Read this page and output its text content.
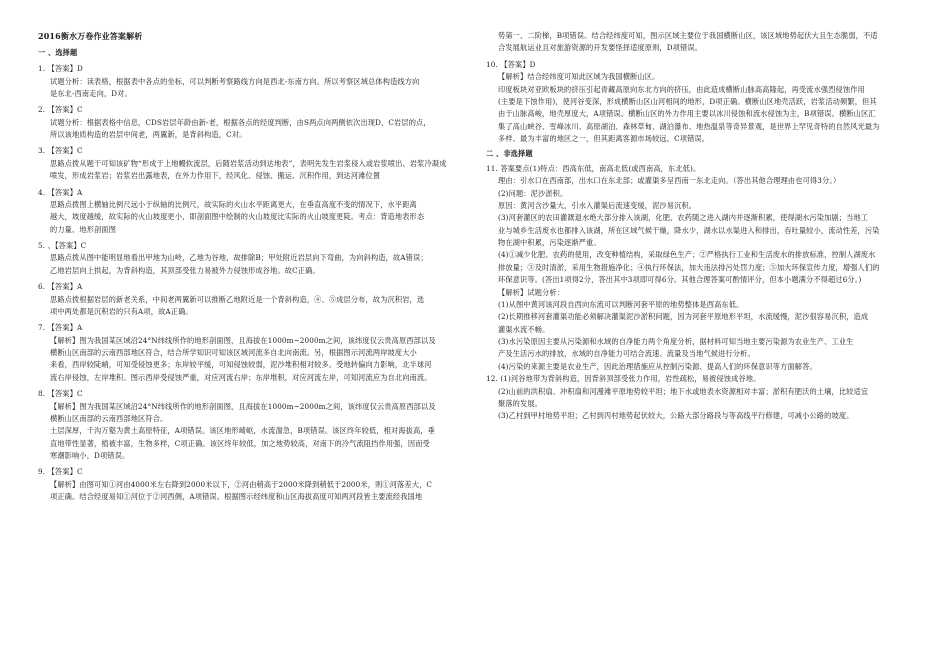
2016衡水万卷作业答案解析
一 、选择题
1. 【答案】D
试题分析：读表格，根据表中各点的坐标，可以判断考察路线方向是西北-东南方向。所以考察区域总体构造线方向
是东北-西南走向，D对。
2. 【答案】C
试题分析：根据表格中信息，CDS岩层年龄由新-老，根据各点的经度判断，由S两点向两侧依次出现D、C岩层的点，
所以该地质构造的岩层中间老，两翼新，是背斜构造，C对。
3. 【答案】C
思路点拨从题干可知该矿物“形成于上地幔软流层，后随岩浆活动到达地表”，表明先发生岩浆侵入或岩浆喷出、岩浆冷凝成
喷发，形成岩浆岩；岩浆岩出露地表，在外力作用下，经风化、侵蚀、搬运、沉积作用，到达河滩位置
4. 【答案】A
思路点拨图上横轴比例尺远小于纵轴的比例尺，故实际的火山水平距离更大，在垂直高度不变的情况下，水平距离
越大，坡度越缓，故实际的火山坡度更小，即剖面图中绘制的火山坡度比实际的火山坡度更陡。考点：背造地表形态
的力量、地形剖面图
5. 、【答案】C
思路点拨从图中能明显地看出甲地为山岭，乙地为谷地，故排除B；甲处附近岩层向下弯曲，为向斜构造，故A错误；
乙地岩层向上拱起，为背斜构造，其顶部受张力易被外力侵蚀形成谷地。故C正确。
6. 【答案】A
思路点拨根据岩层的新老关系，中间老两翼新可以推断乙地附近是一个背斜构造，④、⑤成层分布，故为沉积岩，选
项中两处都是沉积岩的只有A项，故A正确。
7. 【答案】A
【解析】图为我国某区域沿24°N纬线所作的地形剖面图，且海拔在1000m~2000m之间，该纬度仅云贵高原西部以及
横断山区南部的云南西部地区符合，结合所学知识可知该区域河流多自北向南流。另，根据图示河流两岸坡度大小
来看，西岸较陡峭，可知受侵蚀更多；东岸较平缓，可知侵蚀较弱，泥沙堆积相对较多。受地转偏向力影响，北半球河
流右岸侵蚀，左岸堆积。图示西岸受侵蚀严重，对应河流右岸；东岸堆积，对应河流左岸，可知河流应为自北向南流。
8. 【答案】C
【解析】图为我国某区域沿24°N纬线所作的地形剖面图，且海拔在1000m~2000m之间，该纬度仅云贵高原西部以及
横断山区南部的云南西部地区符合。
土层深厚，千沟万壑为黄土高原特征，A项错误。该区地形崎岖，水流湍急，B项错误。该区终年较低，相对海拔高，垂
直地带性显著，植被丰富，生物多样，C项正确。该区终年较低，加之地势较高，对南下的冷气流阻挡作用强，因而受
寒潮影响小，D项错误。
9. 【答案】C
【解析】由图可知①河由4000米左右降到2000米以下，②河由稍高于2000米降到稍低于2000米，则①河落差大，C
项正确。结合经度易知①河位于②河西侧，A项错误。根据图示经纬度和山区海拔高度可知两河段皆主要流经我国地
势第一、二阶梯，B项错误。结合经纬度可知，图示区域主要位于我国横断山区，该区域地势起伏大且生态脆弱，不适
合发展航运业且对旅游资源的开发要怪择适度原则，D项错误。
10. 【答案】D
【解析】结合经纬度可知此区域为我国横断山区。
印度板块对亚欧板块的挤压引起青藏高原向东北方向的挤压，由此造成横断山脉高高隆起，再受流水强烈侵蚀作用
(主要是下蚀作用)，使河谷变深，形成横断山区山河相间的地形，D项正确。横断山区地壳活跃，岩浆活动频繁，但其
由于山脉高峻，地壳厚度大，A项错误。横断山区的外力作用主要以冰川侵蚀和流水侵蚀为主，B项错误。横断山区汇
集了高山峡谷、雪峰冰川、高原湖泊、森林草甸、湖泊瀑布、地热温泉等奇异景观，是世界上罕见奇特的自然风光最为
多样、最为丰富的地区之一，但其距离客源市场较远，C项错误。
二 、非选择题
11. 答案要点(1)特点：西高东低，南高北低(或西南高，东北低)。
理由：引水口在西南部，出水口在东北部；或灌渠多呈西南一东北走向。（答出其他合理理由也可得3分。）
(2)问题：泥沙淤积。
原因：黄河含沙量大，引水入灌渠后流速变缓，泥沙易沉积。
(3)河套灌区的农田灌溉退水绝大部分排入该湖，化肥、农药随之进入湖内并逐渐积累，使得湖水污染加剧；当地工
业与城乡生活废水也都排入该湖，所在区域气候干燥，降水少，湖水以水渠进入和排出，吞吐量较小，流动性差，污染
物在湖中积累，污染逐渐严重。
(4)①减少化肥、农药的使用，改变种植结构，采取绿色生产；②严格执行工业和生活废水的排放标准，控制人湖废水
排放量；③及时清淤，采用生物措施净化；④执行环保法，加大违法排污处罚力度；⑤加大环保宣传力度，增强人们的
环保意识等。(答出1项得2分，答出其中3项即可得6分。其他合理答案可酌情评分，但本小题满分不得超过6分。)
【解析】试题分析：
(1)从图中黄河该河段自西向东流可以判断河套平原的地势整体是西高东低。
(2)长期推移河套灌渠功能必须解决灌渠泥沙淤积问题，因为河套平原地形平坦，水流缓慢，泥沙很容易沉积，造成
灌渠水流不畅。
(3)水污染原因主要从污染源和水域的自净能力两个角度分析，据材料可知当地主要污染源为农业生产、工业生
产及生活污水的排放，水域的自净能力可结合流速、流量及当地气候进行分析。
(4)污染的来源主要是农业生产，因此治理措施应从控制污染源、提高人们的环保意识等方面解答。
12. (1)河谷地带为背斜构造，因背斜顶部受张力作用，岩性疏松，易被侵蚀成谷地。
(2)山前的洪积扇、冲积扇和河漫滩平原地势较平坦；地下水或地表水资源相对丰富；淤积有肥沃的土壤，比较适宜
聚落的发展。
(3)乙村到甲村地势平坦；乙村到丙村地势起伏较大，公路大部分路段与等高线平行修建，可减小公路的坡度。
